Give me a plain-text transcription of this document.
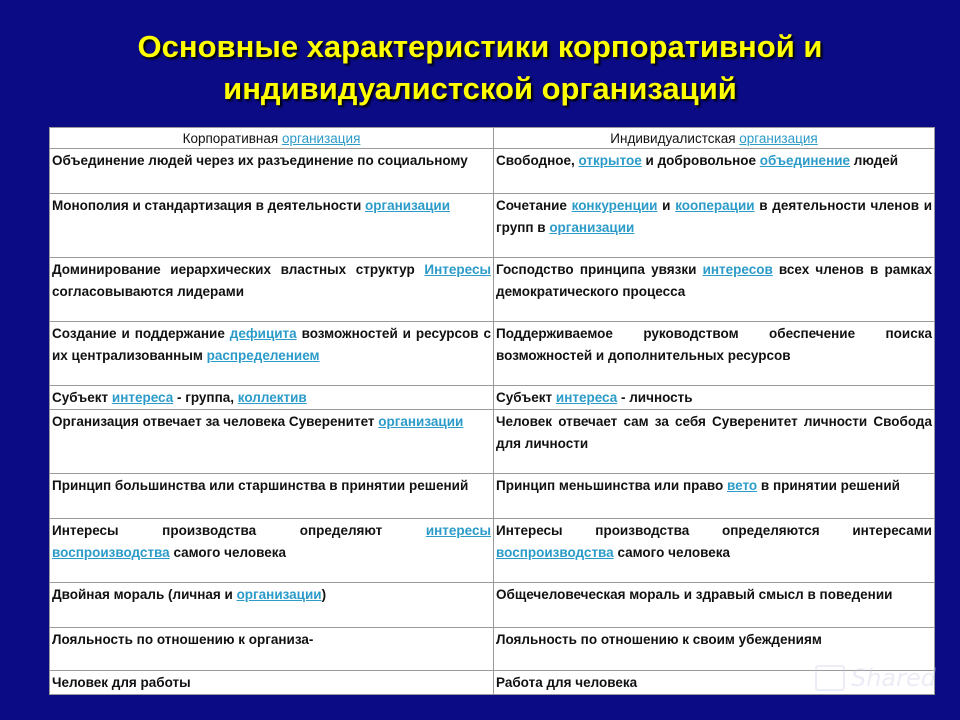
Основные характеристики корпоративной и
индивидуалистской организаций
Корпоративная организация	Индивидуалистская организация
Объединение людей через их разъединение по социальному	Свободное, открытое и добровольное объединение людей
Монополия и стандартизация в деятельности организации	Сочетание конкуренции и кооперации в деятельности членов и групп в организации
Доминирование иерархических властных структур Интересы согласовываются лидерами	Господство принципа увязки интересов всех членов в рамках демократического процесса
Создание и поддержание дефицита возможностей и ресурсов с их централизованным распределением	Поддерживаемое руководством обеспечение поиска возможностей и дополнительных ресурсов
Субъект интереса - группа, коллектив	Субъект интереса - личность
Организация отвечает за человека Суверенитет организации	Человек отвечает сам за себя Суверенитет личности Свобода для личности
Принцип большинства или старшинства в принятии решений	Принцип меньшинства или право вето в принятии решений
Интересы производства определяют интересы воспроизводства самого человека	Интересы производства определяются интересами воспроизводства самого человека
Двойная мораль (личная и организации)	Общечеловеческая мораль и здравый смысл в поведении
Лояльность по отношению к организа-	Лояльность по отношению к своим убеждениям
Человек для работы	Работа для человека	Shared
